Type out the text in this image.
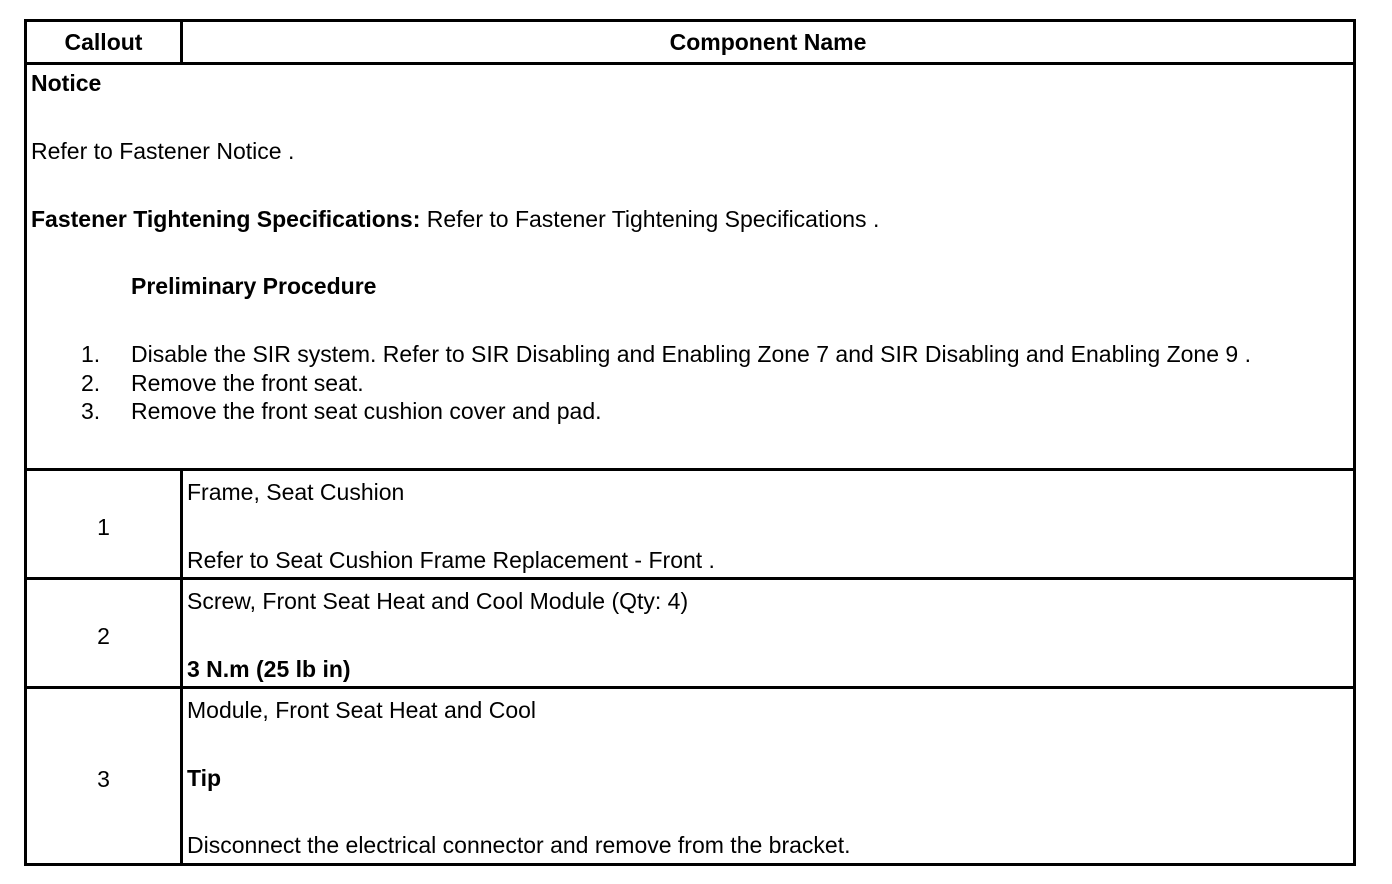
Callout	Component Name
Notice
Refer to Fastener Notice .
Fastener Tightening Specifications: Refer to Fastener Tightening Specifications .
Preliminary Procedure
1. Disable the SIR system. Refer to SIR Disabling and Enabling Zone 7 and SIR Disabling and Enabling Zone 9 .
2. Remove the front seat.
3. Remove the front seat cushion cover and pad.
1
Frame, Seat Cushion
Refer to Seat Cushion Frame Replacement - Front .
2
Screw, Front Seat Heat and Cool Module (Qty: 4)
3 N.m (25 lb in)
3
Module, Front Seat Heat and Cool
Tip
Disconnect the electrical connector and remove from the bracket.
